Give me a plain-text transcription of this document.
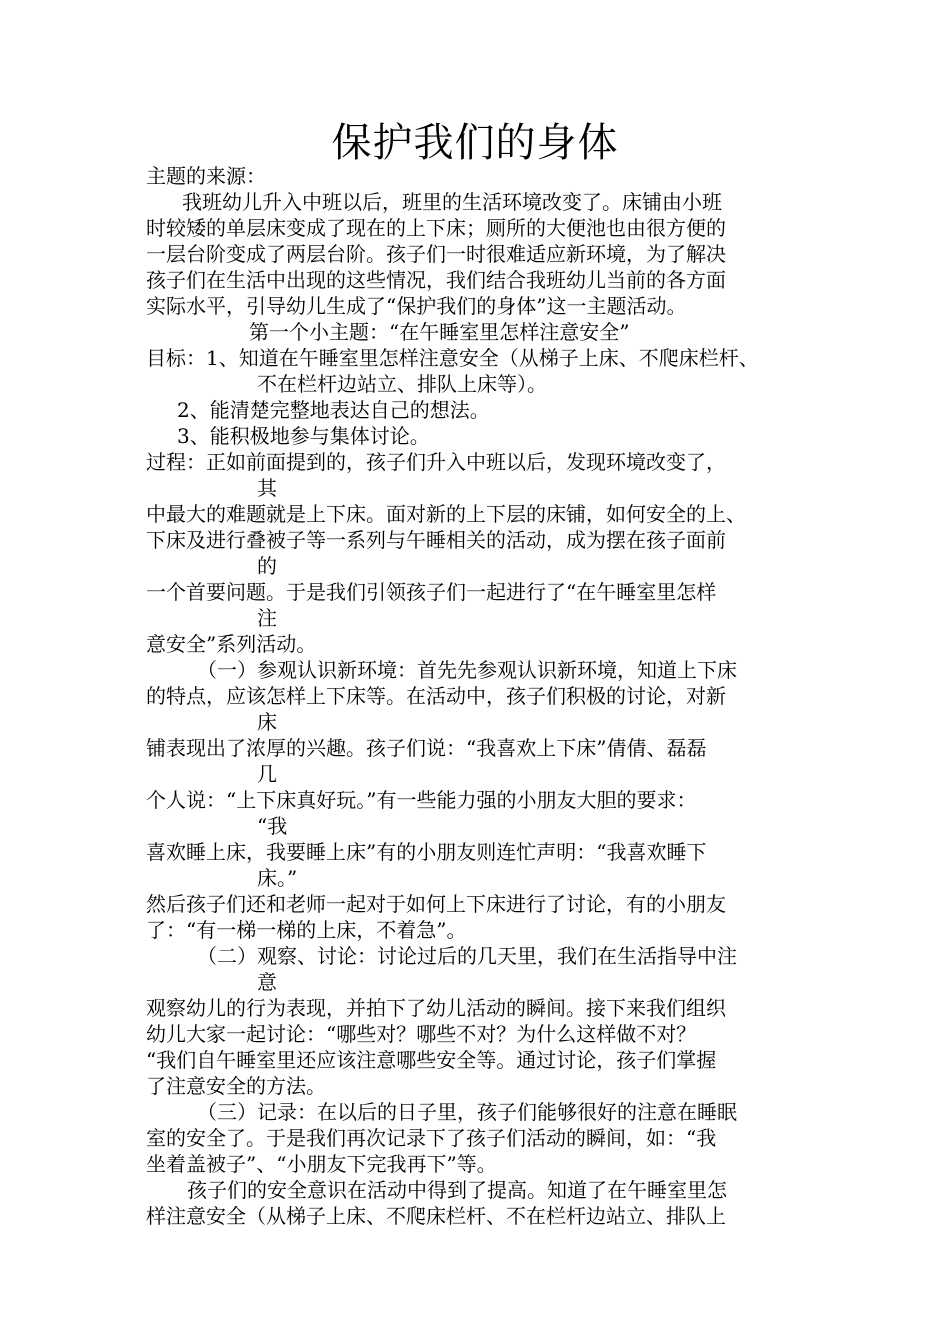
保护我们的身体
主题的来源：
我班幼儿升入中班以后，班里的生活环境改变了。床铺由小班
时较矮的单层床变成了现在的上下床；厕所的大便池也由很方便的
一层台阶变成了两层台阶。孩子们一时很难适应新环境，为了解决
孩子们在生活中出现的这些情况，我们结合我班幼儿当前的各方面
实际水平，引导幼儿生成了“保护我们的身体”这一主题活动。
第一个小主题：“在午睡室里怎样注意安全”
目标：1、知道在午睡室里怎样注意安全（从梯子上床、不爬床栏杆、
不在栏杆边站立、排队上床等）。
2、能清楚完整地表达自己的想法。
3、能积极地参与集体讨论。
过程：正如前面提到的，孩子们升入中班以后，发现环境改变了，
其
中最大的难题就是上下床。面对新的上下层的床铺，如何安全的上、
下床及进行叠被子等一系列与午睡相关的活动，成为摆在孩子面前
的
一个首要问题。于是我们引领孩子们一起进行了“在午睡室里怎样
注
意安全”系列活动。
（一）参观认识新环境：首先先参观认识新环境，知道上下床
的特点，应该怎样上下床等。在活动中，孩子们积极的讨论，对新
床
铺表现出了浓厚的兴趣。孩子们说：“我喜欢上下床”倩倩、磊磊
几
个人说：“上下床真好玩。”有一些能力强的小朋友大胆的要求：
“我
喜欢睡上床，我要睡上床”有的小朋友则连忙声明：“我喜欢睡下
床。”
然后孩子们还和老师一起对于如何上下床进行了讨论，有的小朋友
了：“有一梯一梯的上床，不着急”。
（二）观察、讨论：讨论过后的几天里，我们在生活指导中注
意
观察幼儿的行为表现，并拍下了幼儿活动的瞬间。接下来我们组织
幼儿大家一起讨论：“哪些对？哪些不对？为什么这样做不对？
“我们自午睡室里还应该注意哪些安全等。通过讨论，孩子们掌握
了注意安全的方法。
（三）记录：在以后的日子里，孩子们能够很好的注意在睡眠
室的安全了。于是我们再次记录下了孩子们活动的瞬间，如：“我
坐着盖被子”、“小朋友下完我再下”等。
孩子们的安全意识在活动中得到了提高。知道了在午睡室里怎
样注意安全（从梯子上床、不爬床栏杆、不在栏杆边站立、排队上
